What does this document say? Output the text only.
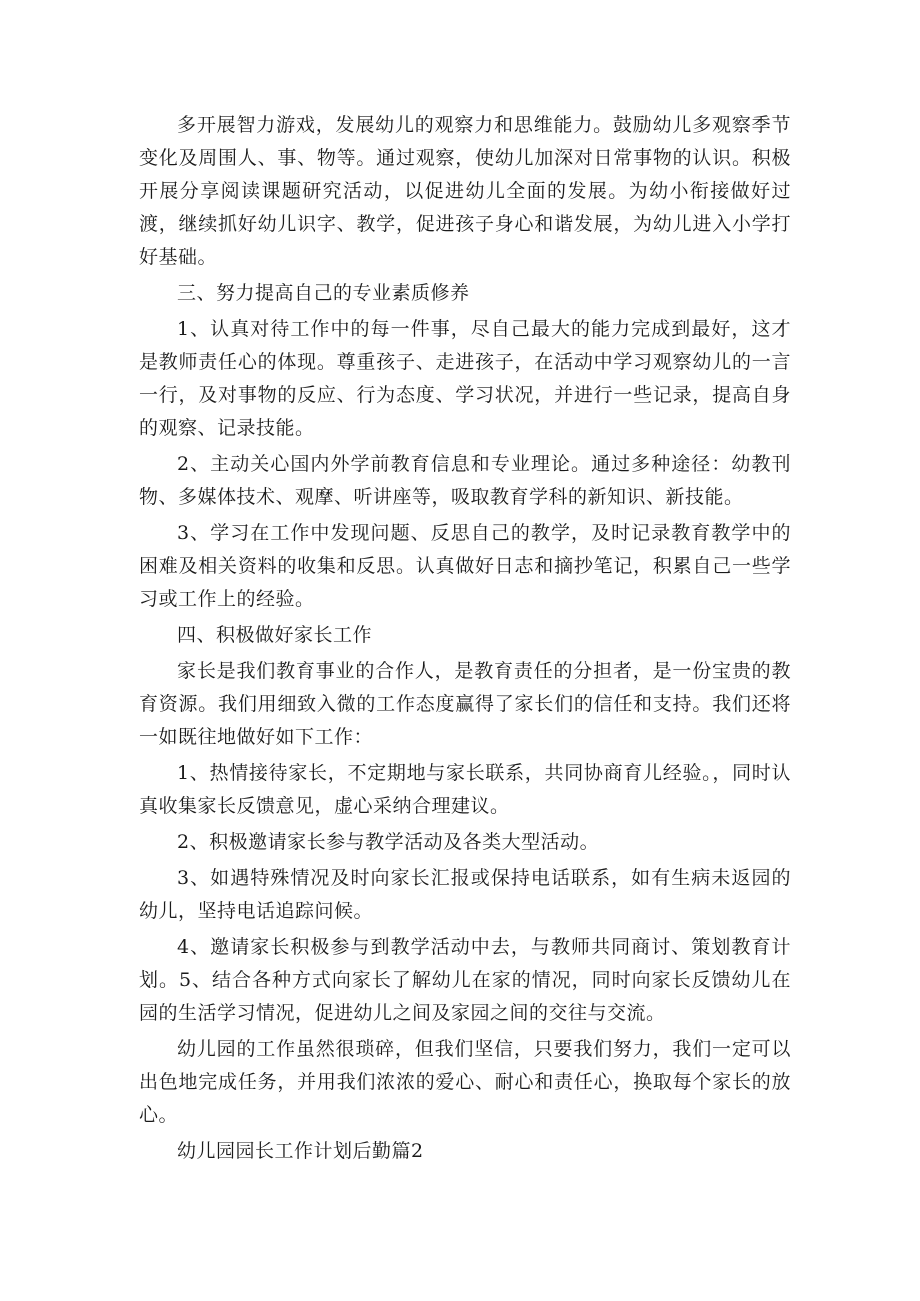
多开展智力游戏，发展幼儿的观察力和思维能力。鼓励幼儿多观察季节变化及周围人、事、物等。通过观察，使幼儿加深对日常事物的认识。积极开展分享阅读课题研究活动，以促进幼儿全面的发展。为幼小衔接做好过渡，继续抓好幼儿识字、教学，促进孩子身心和谐发展，为幼儿进入小学打好基础。

三、努力提高自己的专业素质修养

1、认真对待工作中的每一件事，尽自己最大的能力完成到最好，这才是教师责任心的体现。尊重孩子、走进孩子，在活动中学习观察幼儿的一言一行，及对事物的反应、行为态度、学习状况，并进行一些记录，提高自身的观察、记录技能。

2、主动关心国内外学前教育信息和专业理论。通过多种途径：幼教刊物、多媒体技术、观摩、听讲座等，吸取教育学科的新知识、新技能。

3、学习在工作中发现问题、反思自己的教学，及时记录教育教学中的困难及相关资料的收集和反思。认真做好日志和摘抄笔记，积累自己一些学习或工作上的经验。

四、积极做好家长工作

家长是我们教育事业的合作人，是教育责任的分担者，是一份宝贵的教育资源。我们用细致入微的工作态度赢得了家长们的信任和支持。我们还将一如既往地做好如下工作：

1、热情接待家长，不定期地与家长联系，共同协商育儿经验。，同时认真收集家长反馈意见，虚心采纳合理建议。

2、积极邀请家长参与教学活动及各类大型活动。

3、如遇特殊情况及时向家长汇报或保持电话联系，如有生病未返园的幼儿，坚持电话追踪问候。

4、邀请家长积极参与到教学活动中去，与教师共同商讨、策划教育计划。5、结合各种方式向家长了解幼儿在家的情况，同时向家长反馈幼儿在园的生活学习情况，促进幼儿之间及家园之间的交往与交流。

幼儿园的工作虽然很琐碎，但我们坚信，只要我们努力，我们一定可以出色地完成任务，并用我们浓浓的爱心、耐心和责任心，换取每个家长的放心。

幼儿园园长工作计划后勤篇2
